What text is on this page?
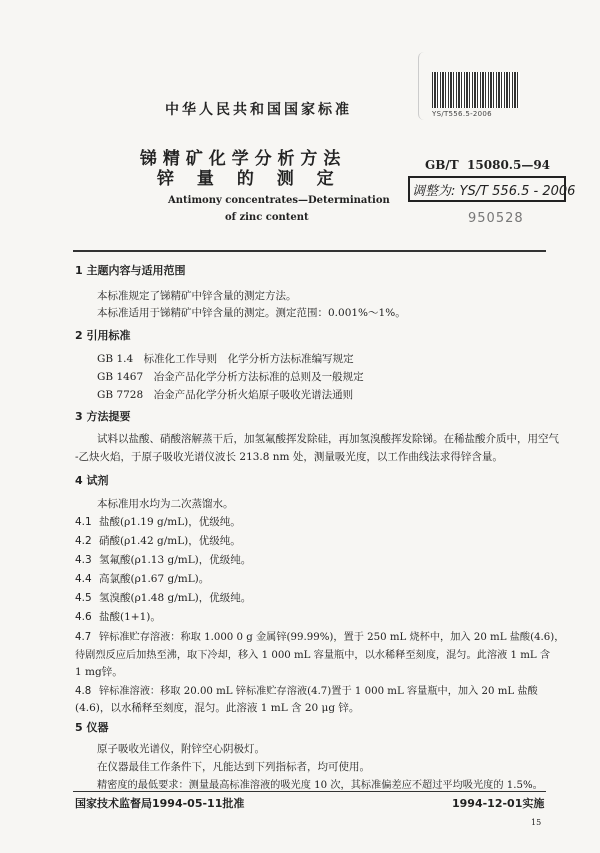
YS/T556.5-2006
中华人民共和国国家标准
锑 精 矿 化 学 分 析 方 法
锌　 量　 的　 测　 定
Antimony concentrates—Determination
of zinc content
GB/T  15080.5—94
调整为: YS/T 556.5 - 2006
950528
1 主题内容与适用范围
本标准规定了锑精矿中锌含量的测定方法。
本标准适用于锑精矿中锌含量的测定。测定范围：0.001%～1%。
2 引用标准
GB 1.4　标准化工作导则　化学分析方法标准编写规定
GB 1467　冶金产品化学分析方法标准的总则及一般规定
GB 7728　冶金产品化学分析火焰原子吸收光谱法通则
3 方法提要
试料以盐酸、硝酸溶解蒸干后，加氢氟酸挥发除硅，再加氢溴酸挥发除锑。在稀盐酸介质中，用空气
-乙炔火焰，于原子吸收光谱仪波长 213.8 nm 处，测量吸光度，以工作曲线法求得锌含量。
4 试剂
本标准用水均为二次蒸馏水。
4.1 盐酸(ρ1.19 g/mL)，优级纯。
4.2 硝酸(ρ1.42 g/mL)，优级纯。
4.3 氢氟酸(ρ1.13 g/mL)，优级纯。
4.4 高氯酸(ρ1.67 g/mL)。
4.5 氢溴酸(ρ1.48 g/mL)，优级纯。
4.6 盐酸(1+1)。
4.7 锌标准贮存溶液：称取 1.000 0 g 金属锌(99.99%)，置于 250 mL 烧杯中，加入 20 mL 盐酸(4.6)，
待剧烈反应后加热至沸，取下冷却，移入 1 000 mL 容量瓶中，以水稀释至刻度，混匀。此溶液 1 mL 含
1 mg锌。
4.8 锌标准溶液：移取 20.00 mL 锌标准贮存溶液(4.7)置于 1 000 mL 容量瓶中，加入 20 mL 盐酸
(4.6)，以水稀释至刻度，混匀。此溶液 1 mL 含 20 μg 锌。
5 仪器
原子吸收光谱仪，附锌空心阴极灯。
在仪器最佳工作条件下，凡能达到下列指标者，均可使用。
精密度的最低要求：测量最高标准溶液的吸光度 10 次，其标准偏差应不超过平均吸光度的 1.5%。
国家技术监督局1994-05-11批准	1994-12-01实施
15
